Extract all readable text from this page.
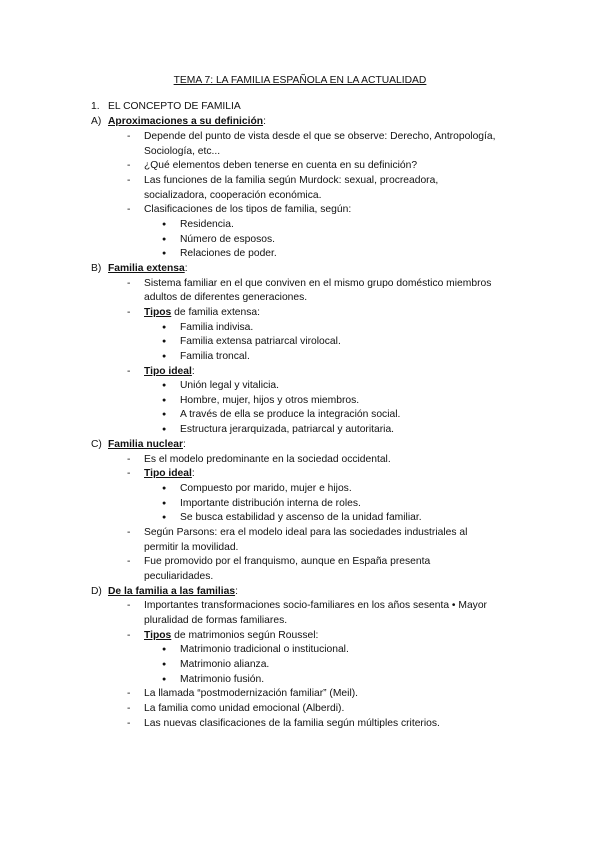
TEMA 7: LA FAMILIA ESPAÑOLA EN LA ACTUALIDAD
1. EL CONCEPTO DE FAMILIA
A) Aproximaciones a su definición:
- Depende del punto de vista desde el que se observe: Derecho, Antropología,
Sociología, etc...
- ¿Qué elementos deben tenerse en cuenta en su definición?
- Las funciones de la familia según Murdock: sexual, procreadora,
socializadora, cooperación económica.
- Clasificaciones de los tipos de familia, según:
● Residencia.
● Número de esposos.
● Relaciones de poder.
B) Familia extensa:
- Sistema familiar en el que conviven en el mismo grupo doméstico miembros
adultos de diferentes generaciones.
- Tipos de familia extensa:
● Familia indivisa.
● Familia extensa patriarcal virolocal.
● Familia troncal.
- Tipo ideal:
● Unión legal y vitalicia.
● Hombre, mujer, hijos y otros miembros.
● A través de ella se produce la integración social.
● Estructura jerarquizada, patriarcal y autoritaria.
C) Familia nuclear:
- Es el modelo predominante en la sociedad occidental.
- Tipo ideal:
● Compuesto por marido, mujer e hijos.
● Importante distribución interna de roles.
● Se busca estabilidad y ascenso de la unidad familiar.
- Según Parsons: era el modelo ideal para las sociedades industriales al
permitir la movilidad.
- Fue promovido por el franquismo, aunque en España presenta
peculiaridades.
D) De la familia a las familias:
- Importantes transformaciones socio-familiares en los años sesenta • Mayor
pluralidad de formas familiares.
- Tipos de matrimonios según Roussel:
● Matrimonio tradicional o institucional.
● Matrimonio alianza.
● Matrimonio fusión.
- La llamada “postmodernización familiar” (Meil).
- La familia como unidad emocional (Alberdi).
- Las nuevas clasificaciones de la familia según múltiples criterios.
